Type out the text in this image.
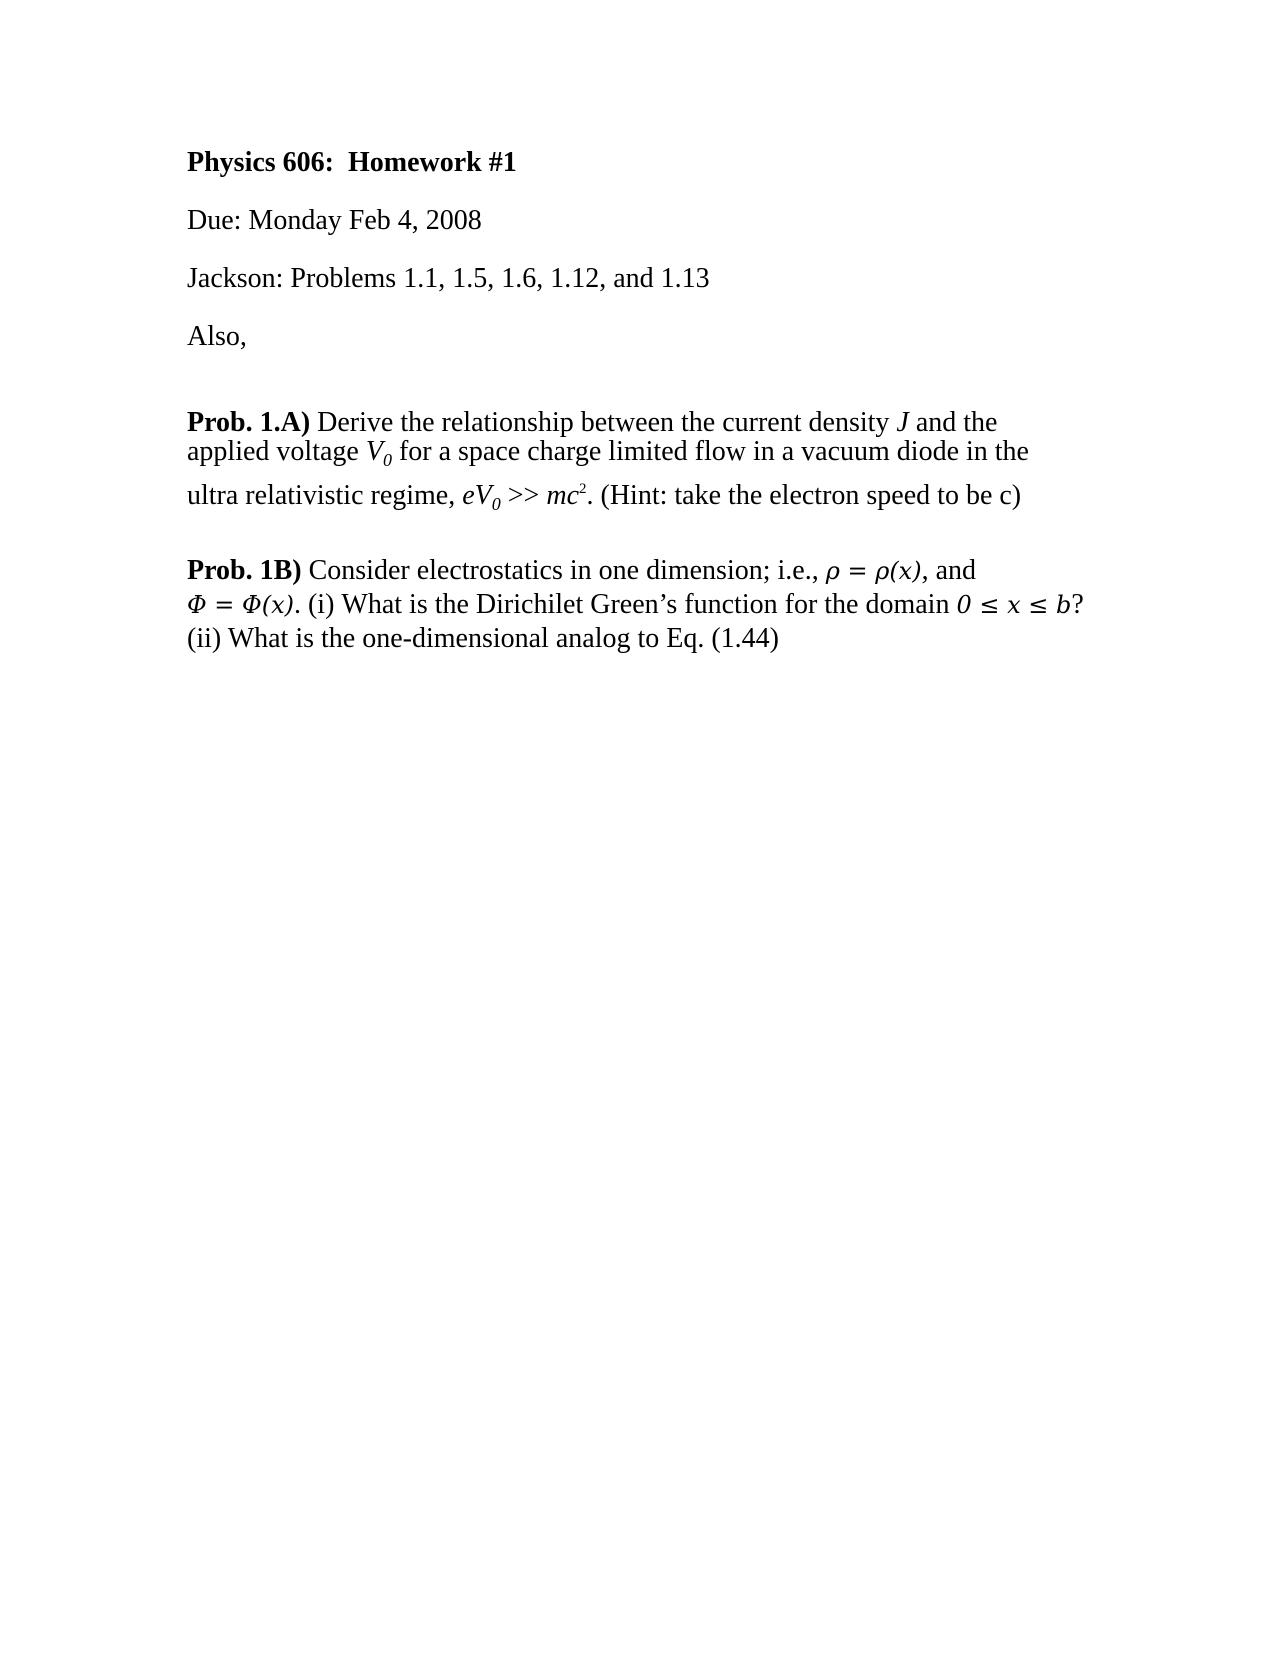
Physics 606: Homework #1
Due: Monday Feb 4, 2008
Jackson: Problems 1.1, 1.5, 1.6, 1.12, and 1.13
Also,
Prob. 1.A) Derive the relationship between the current density J and the
applied voltage $V_0$ for a space charge limited flow in a vacuum diode in the
ultra relativistic regime, $eV_0 >> mc^2$. (Hint: take the electron speed to be c)
Prob. 1B) Consider electrostatics in one dimension; i.e., ρ = ρ(x), and
Φ = Φ(x). (i) What is the Dirichilet Green’s function for the domain 0 ≤ x ≤ b?
(ii) What is the one-dimensional analog to Eq. (1.44)
